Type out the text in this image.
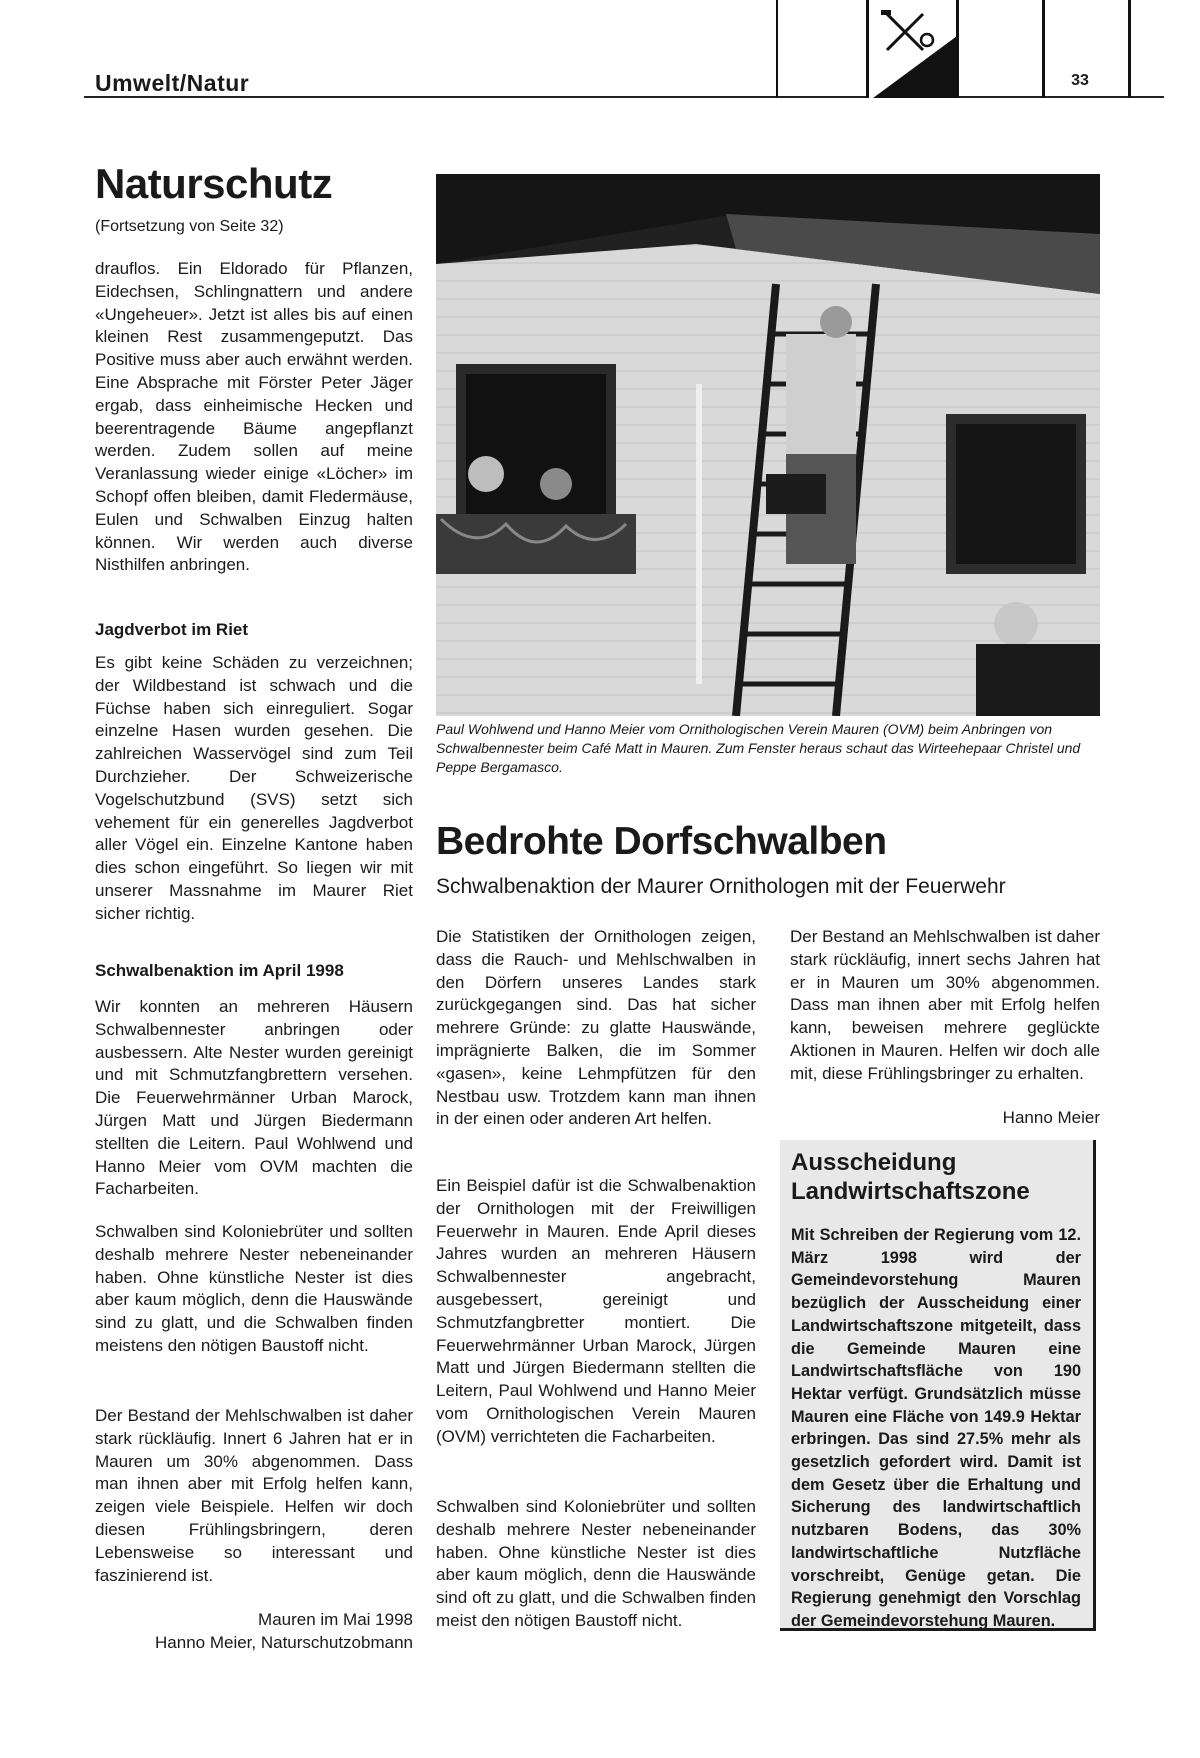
Umwelt/Natur	33
Naturschutz
(Fortsetzung von Seite 32)

drauflos. Ein Eldorado für Pflanzen, Eidechsen, Schlingnattern und andere «Ungeheuer». Jetzt ist alles bis auf einen kleinen Rest zusammengeputzt. Das Positive muss aber auch erwähnt werden. Eine Absprache mit Förster Peter Jäger ergab, dass einheimische Hecken und beerentragende Bäume angepflanzt werden. Zudem sollen auf meine Veranlassung wieder einige «Löcher» im Schopf offen bleiben, damit Fledermäuse, Eulen und Schwalben Einzug halten können. Wir werden auch diverse Nisthilfen anbringen.

Jagdverbot im Riet

Es gibt keine Schäden zu verzeichnen; der Wildbestand ist schwach und die Füchse haben sich einreguliert. Sogar einzelne Hasen wurden gesehen. Die zahlreichen Wasservögel sind zum Teil Durchzieher. Der Schweizerische Vogelschutzbund (SVS) setzt sich vehement für ein generelles Jagdverbot aller Vögel ein. Einzelne Kantone haben dies schon eingeführt. So liegen wir mit unserer Massnahme im Maurer Riet sicher richtig.

Schwalbenaktion im April 1998

Wir konnten an mehreren Häusern Schwalbennester anbringen oder ausbessern. Alte Nester wurden gereinigt und mit Schmutzfangbrettern versehen. Die Feuerwehrmänner Urban Marock, Jürgen Matt und Jürgen Biedermann stellten die Leitern. Paul Wohlwend und Hanno Meier vom OVM machten die Facharbeiten.

Schwalben sind Koloniebrüter und sollten deshalb mehrere Nester nebeneinander haben. Ohne künstliche Nester ist dies aber kaum möglich, denn die Hauswände sind zu glatt, und die Schwalben finden meistens den nötigen Baustoff nicht.

Der Bestand der Mehlschwalben ist daher stark rückläufig. Innert 6 Jahren hat er in Mauren um 30% abgenommen. Dass man ihnen aber mit Erfolg helfen kann, zeigen viele Beispiele. Helfen wir doch diesen Frühlingsbringern, deren Lebensweise so interessant und faszinierend ist.

Mauren im Mai 1998
Hanno Meier, Naturschutzobmann

Paul Wohlwend und Hanno Meier vom Ornithologischen Verein Mauren (OVM) beim Anbringen von Schwalbennester beim Café Matt in Mauren. Zum Fenster heraus schaut das Wirteehepaar Christel und Peppe Bergamasco.

Bedrohte Dorfschwalben
Schwalbenaktion der Maurer Ornithologen mit der Feuerwehr

Die Statistiken der Ornithologen zeigen, dass die Rauch- und Mehlschwalben in den Dörfern unseres Landes stark zurückgegangen sind. Das hat sicher mehrere Gründe: zu glatte Hauswände, imprägnierte Balken, die im Sommer «gasen», keine Lehmpfützen für den Nestbau usw. Trotzdem kann man ihnen in der einen oder anderen Art helfen.

Ein Beispiel dafür ist die Schwalbenaktion der Ornithologen mit der Freiwilligen Feuerwehr in Mauren. Ende April dieses Jahres wurden an mehreren Häusern Schwalbennester angebracht, ausgebessert, gereinigt und Schmutzfangbretter montiert. Die Feuerwehrmänner Urban Marock, Jürgen Matt und Jürgen Biedermann stellten die Leitern, Paul Wohlwend und Hanno Meier vom Ornithologischen Verein Mauren (OVM) verrichteten die Facharbeiten.

Schwalben sind Koloniebrüter und sollten deshalb mehrere Nester nebeneinander haben. Ohne künstliche Nester ist dies aber kaum möglich, denn die Hauswände sind oft zu glatt, und die Schwalben finden meist den nötigen Baustoff nicht.

Der Bestand an Mehlschwalben ist daher stark rückläufig, innert sechs Jahren hat er in Mauren um 30% abgenommen. Dass man ihnen aber mit Erfolg helfen kann, beweisen mehrere geglückte Aktionen in Mauren. Helfen wir doch alle mit, diese Frühlingsbringer zu erhalten.

Hanno Meier
Ausscheidung Landwirtschaftszone

Mit Schreiben der Regierung vom 12. März 1998 wird der Gemeindevorstehung Mauren bezüglich der Ausscheidung einer Landwirtschaftszone mitgeteilt, dass die Gemeinde Mauren eine Landwirtschaftsfläche von 190 Hektar verfügt. Grundsätzlich müsse Mauren eine Fläche von 149.9 Hektar erbringen. Das sind 27.5% mehr als gesetzlich gefordert wird. Damit ist dem Gesetz über die Erhaltung und Sicherung des landwirtschaftlich nutzbaren Bodens, das 30% landwirtschaftliche Nutzfläche vorschreibt, Genüge getan. Die Regierung genehmigt den Vorschlag der Gemeindevorstehung Mauren.
